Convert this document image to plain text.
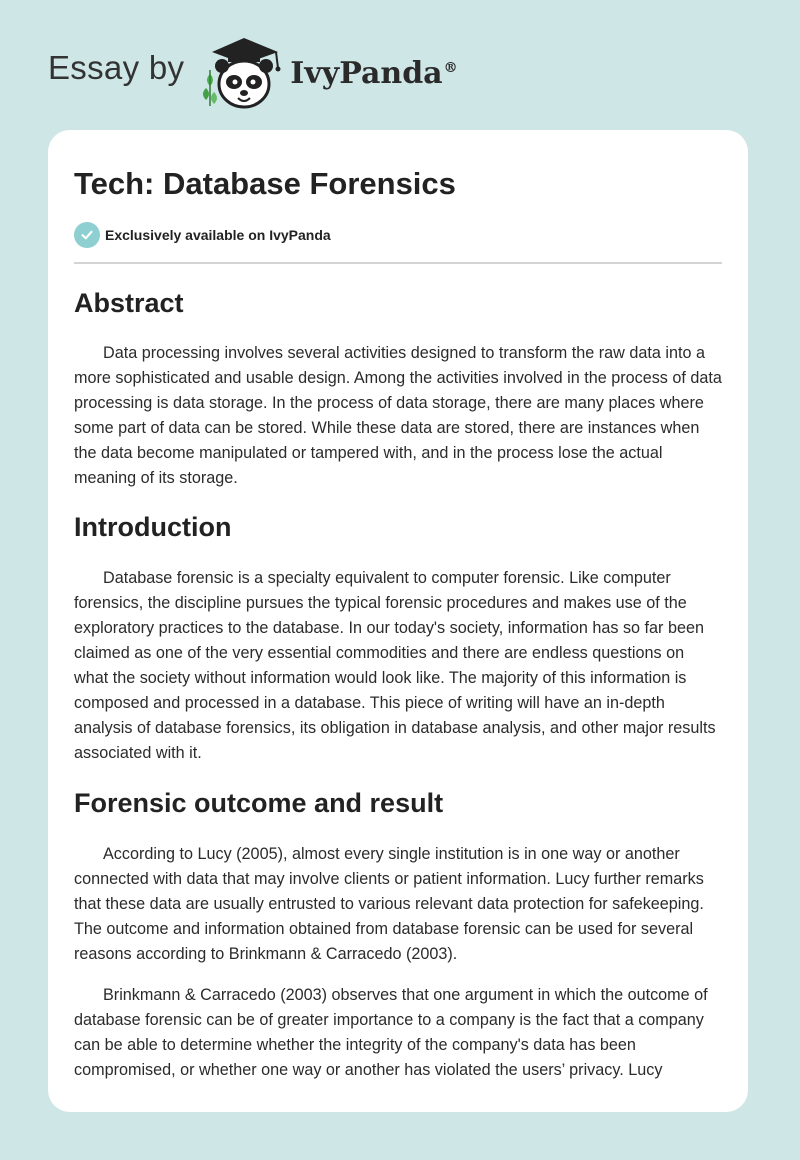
Essay by	IvyPanda®
Tech: Database Forensics
Exclusively available on IvyPanda
Abstract

Data processing involves several activities designed to transform the raw data into a more sophisticated and usable design. Among the activities involved in the process of data processing is data storage. In the process of data storage, there are many places where some part of data can be stored. While these data are stored, there are instances when the data become manipulated or tampered with, and in the process lose the actual meaning of its storage.

Introduction

Database forensic is a specialty equivalent to computer forensic. Like computer forensics, the discipline pursues the typical forensic procedures and makes use of the exploratory practices to the database. In our today's society, information has so far been claimed as one of the very essential commodities and there are endless questions on what the society without information would look like. The majority of this information is composed and processed in a database. This piece of writing will have an in-depth analysis of database forensics, its obligation in database analysis, and other major results associated with it.

Forensic outcome and result

According to Lucy (2005), almost every single institution is in one way or another connected with data that may involve clients or patient information. Lucy further remarks that these data are usually entrusted to various relevant data protection for safekeeping. The outcome and information obtained from database forensic can be used for several reasons according to Brinkmann & Carracedo (2003).

Brinkmann & Carracedo (2003) observes that one argument in which the outcome of database forensic can be of greater importance to a company is the fact that a company can be able to determine whether the integrity of the company's data has been compromised, or whether one way or another has violated the users’ privacy. Lucy
